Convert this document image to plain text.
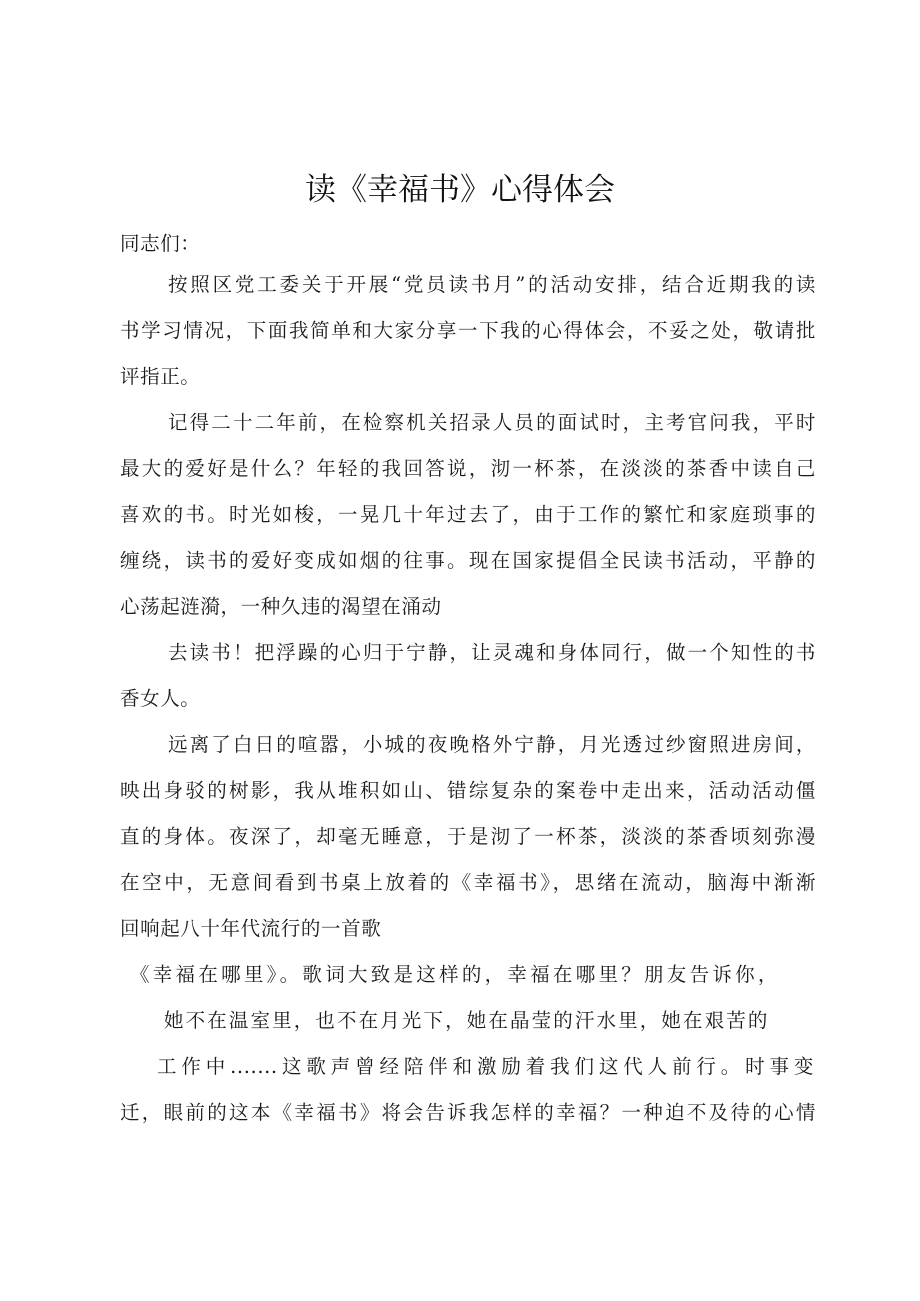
读《幸福书》心得体会

同志们：

按照区党工委关于开展“党员读书月”的活动安排，结合近期我的读

书学习情况，下面我简单和大家分享一下我的心得体会，不妥之处，敬请批

评指正。

记得二十二年前，在检察机关招录人员的面试时，主考官问我，平时

最大的爱好是什么？年轻的我回答说，沏一杯茶，在淡淡的茶香中读自己

喜欢的书。时光如梭，一晃几十年过去了，由于工作的繁忙和家庭琐事的

缠绕，读书的爱好变成如烟的往事。现在国家提倡全民读书活动，平静的

心荡起涟漪，一种久违的渴望在涌动

去读书！把浮躁的心归于宁静，让灵魂和身体同行，做一个知性的书

香女人。

远离了白日的喧嚣，小城的夜晚格外宁静，月光透过纱窗照进房间，

映出身驳的树影，我从堆积如山、错综复杂的案卷中走出来，活动活动僵

直的身体。夜深了，却毫无睡意，于是沏了一杯茶，淡淡的茶香顷刻弥漫

在空中，无意间看到书桌上放着的《幸福书》，思绪在流动，脑海中渐渐

回响起八十年代流行的一首歌

《幸福在哪里》。歌词大致是这样的，幸福在哪里？朋友告诉你，

她不在温室里，也不在月光下，她在晶莹的汗水里，她在艰苦的

工作中.......这歌声曾经陪伴和激励着我们这代人前行。时事变

迁，眼前的这本《幸福书》将会告诉我怎样的幸福？一种迫不及待的心情
